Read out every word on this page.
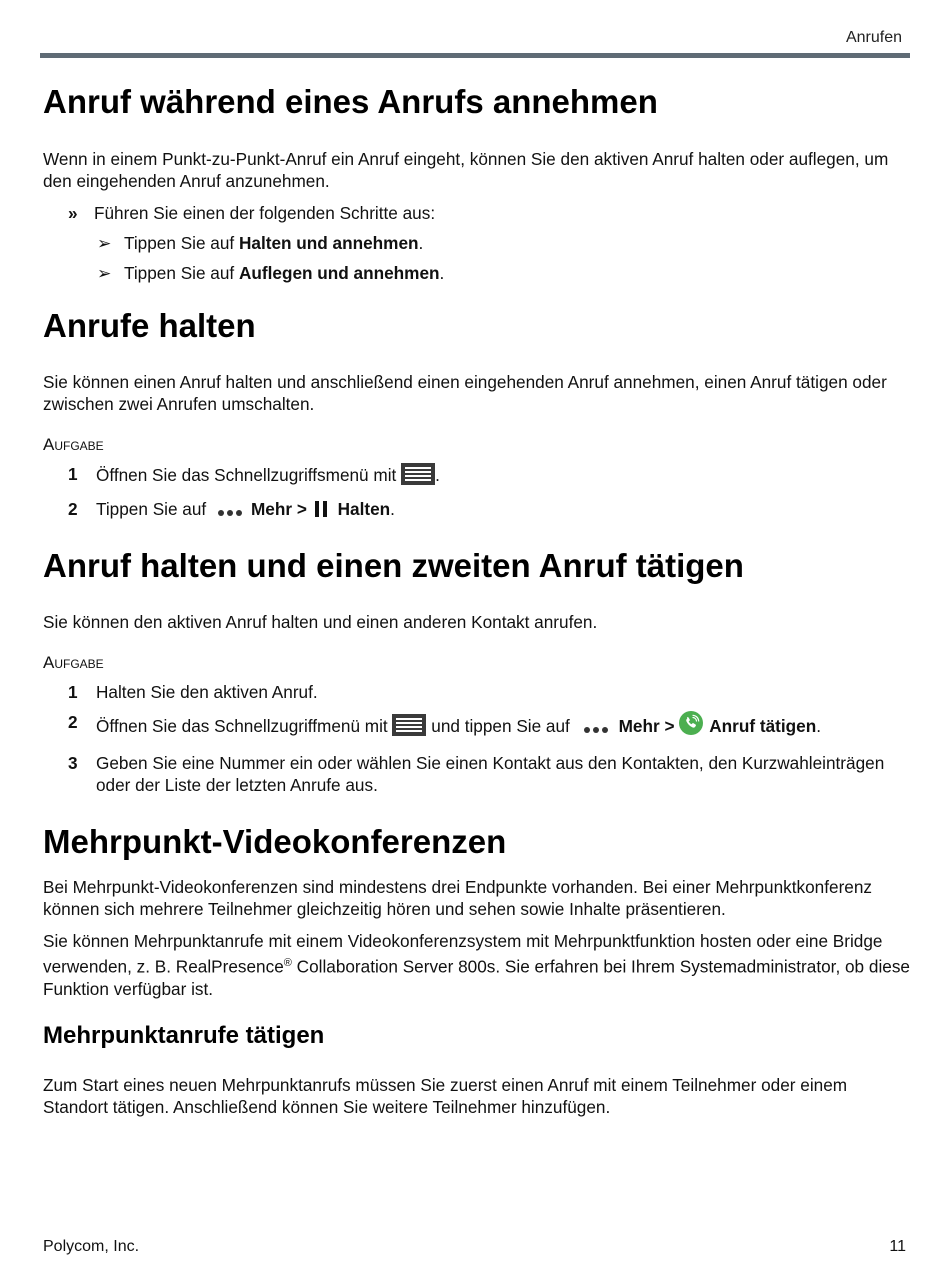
Anrufen
Anruf während eines Anrufs annehmen

Wenn in einem Punkt-zu-Punkt-Anruf ein Anruf eingeht, können Sie den aktiven Anruf halten oder auflegen, um den eingehenden Anruf anzunehmen.

» Führen Sie einen der folgenden Schritte aus:
➢ Tippen Sie auf Halten und annehmen.
➢ Tippen Sie auf Auflegen und annehmen.
Anrufe halten

Sie können einen Anruf halten und anschließend einen eingehenden Anruf annehmen, einen Anruf tätigen oder zwischen zwei Anrufen umschalten.

Aufgabe
1	Öffnen Sie das Schnellzugriffsmenü mit .
2	Tippen Sie auf Mehr > Halten.
Anruf halten und einen zweiten Anruf tätigen

Sie können den aktiven Anruf halten und einen anderen Kontakt anrufen.

Aufgabe
1	Halten Sie den aktiven Anruf.
2	Öffnen Sie das Schnellzugriffmenü mit  und tippen Sie auf	Mehr > Anruf tätigen.
3	Geben Sie eine Nummer ein oder wählen Sie einen Kontakt aus den Kontakten, den Kurzwahleinträgen oder der Liste der letzten Anrufe aus.
Mehrpunkt-Videokonferenzen

Bei Mehrpunkt-Videokonferenzen sind mindestens drei Endpunkte vorhanden. Bei einer Mehrpunktkonferenz können sich mehrere Teilnehmer gleichzeitig hören und sehen sowie Inhalte präsentieren.

Sie können Mehrpunktanrufe mit einem Videokonferenzsystem mit Mehrpunktfunktion hosten oder eine Bridge verwenden, z. B. RealPresence® Collaboration Server 800s. Sie erfahren bei Ihrem Systemadministrator, ob diese Funktion verfügbar ist.

Mehrpunktanrufe tätigen

Zum Start eines neuen Mehrpunktanrufs müssen Sie zuerst einen Anruf mit einem Teilnehmer oder einem Standort tätigen. Anschließend können Sie weitere Teilnehmer hinzufügen.

Polycom, Inc.	11
